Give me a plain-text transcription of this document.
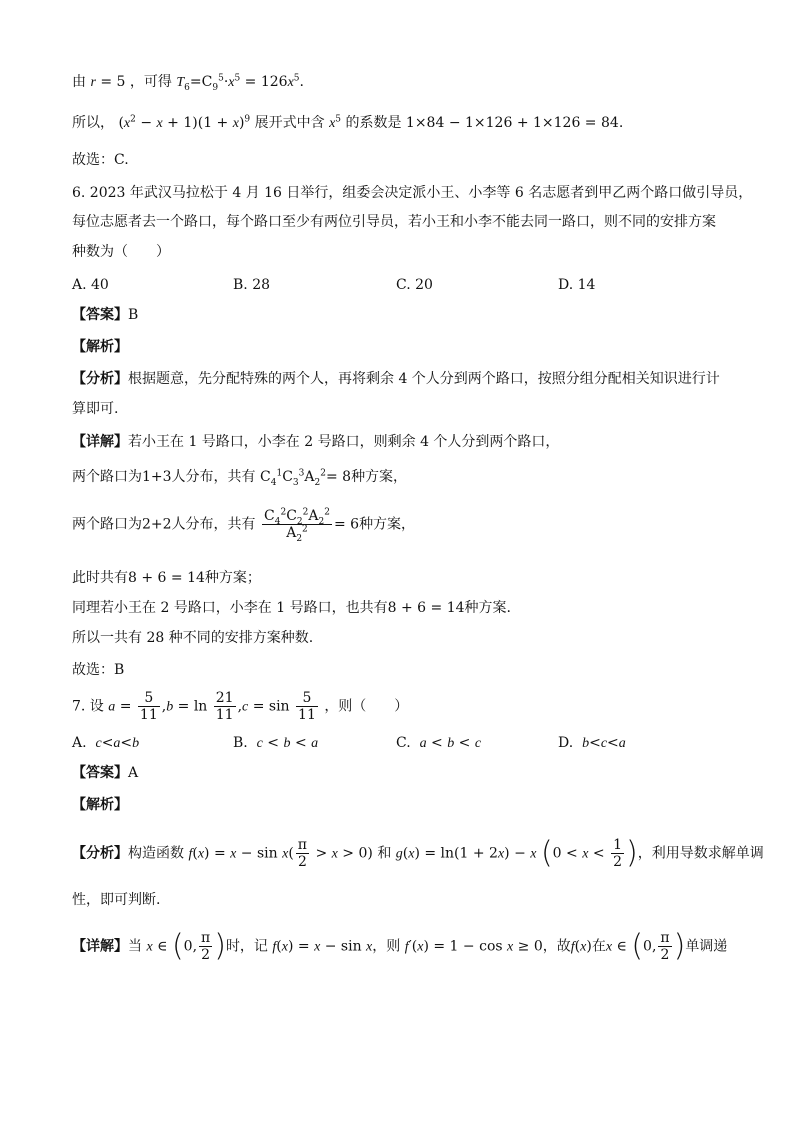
由 r = 5 ，可得 $T_6=C_9^5\cdot x^5 = 126x^5$.
所以， $(x^2 - x + 1)(1 + x)^9$ 展开式中含 $x^5$ 的系数是 1×84 − 1×126 + 1×126 = 84.
故选：C.
6. 2023 年武汉马拉松于 4 月 16 日举行，组委会决定派小王、小李等 6 名志愿者到甲乙两个路口做引导员，
每位志愿者去一个路口，每个路口至少有两位引导员，若小王和小李不能去同一路口，则不同的安排方案
种数为（　　）
A. 40	B. 28	C. 20	D. 14
【答案】B
【解析】
【分析】根据题意，先分配特殊的两个人，再将剩余 4 个人分到两个路口，按照分组分配相关知识进行计
算即可.
【详解】若小王在 1 号路口，小李在 2 号路口，则剩余 4 个人分到两个路口，
两个路口为1+3人分布，共有 $C_4^1C_3^3A_2^2= 8$种方案，
两个路口为2+2人分布，共有 $\frac{C_4^2C_2^2A_2^2}{A_2^2} = 6$种方案，
此时共有8 + 6 = 14种方案；
同理若小王在 2 号路口，小李在 1 号路口，也共有8 + 6 = 14种方案.
所以一共有 28 种不同的安排方案种数.
故选：B
7. 设 $a = \frac{5}{11} ,b = \ln \frac{21}{11} ,c = \sin \frac{5}{11}$ ，则（　　）
A.  c<a<b	B.  c < b < a	C.  a < b < c	D.  b<c<a
【答案】A
【解析】
【分析】构造函数 $f(x) = x - \sin x( \frac{\pi}{2} > x > 0)$ 和 g(x) = ln(1 + 2x) − x ($0 < x < \frac{1}{2}$ )，利用导数求解单调
性，即可判断.
【详解】当 x ∈ (0, $\frac{\pi}{2}$ )时，记 f(x) = x − sin x，则 f′(x) = 1 − cos x ≥ 0，故f(x)在x ∈ (0, $\frac{\pi}{2}$ )单调递
